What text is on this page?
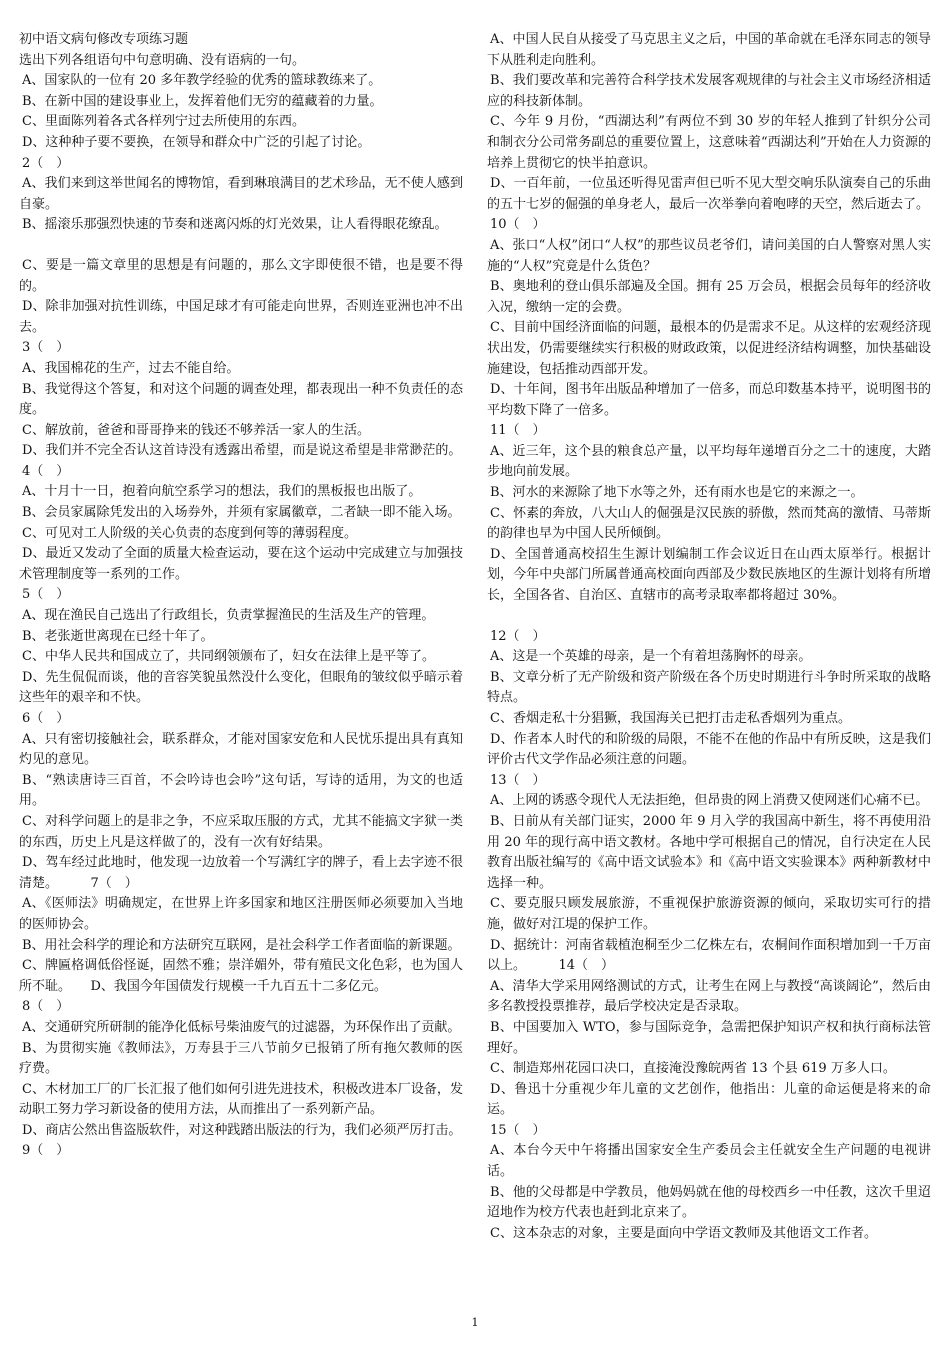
初中语文病句修改专项练习题

选出下列各组语句中句意明确、没有语病的一句。

A、国家队的一位有 20 多年教学经验的优秀的篮球教练来了。

B、在新中国的建设事业上，发挥着他们无穷的蕴藏着的力量。

C、里面陈列着各式各样列宁过去所使用的东西。

D、这种种子要不要换，在领导和群众中广泛的引起了讨论。

2（　）

A、我们来到这举世闻名的博物馆，看到琳琅满目的艺术珍品，无不使人感到自豪。

B、摇滚乐那强烈快速的节奏和迷离闪烁的灯光效果，让人看得眼花缭乱。

C、要是一篇文章里的思想是有问题的，那么文字即使很不错，也是要不得的。

D、除非加强对抗性训练，中国足球才有可能走向世界，否则连亚洲也冲不出去。

3（　）

A、我国棉花的生产，过去不能自给。

B、我觉得这个答复，和对这个问题的调查处理，都表现出一种不负责任的态度。

C、解放前，爸爸和哥哥挣来的钱还不够养活一家人的生活。

D、我们并不完全否认这首诗没有透露出希望，而是说这希望是非常渺茫的。

4（　）

A、十月十一日，抱着向航空系学习的想法，我们的黑板报也出版了。

B、会员家属除凭发出的入场券外，并须有家属徽章，二者缺一即不能入场。

C、可见对工人阶级的关心负责的态度到何等的薄弱程度。

D、最近又发动了全面的质量大检查运动，要在这个运动中完成建立与加强技术管理制度等一系列的工作。

5（　）

A、现在渔民自己选出了行政组长，负责掌握渔民的生活及生产的管理。

B、老张逝世离现在已经十年了。

C、中华人民共和国成立了，共同纲领颁布了，妇女在法律上是平等了。

D、先生侃侃而谈，他的音容笑貌虽然没什么变化，但眼角的皱纹似乎暗示着这些年的艰辛和不快。

6（　）

A、只有密切接触社会，联系群众，才能对国家安危和人民忧乐提出具有真知灼见的意见。

B、“熟读唐诗三百首，不会吟诗也会吟”这句话，写诗的适用，为文的也适用。

C、对科学问题上的是非之争，不应采取压服的方式，尤其不能搞文字狱一类的东西，历史上凡是这样做了的，没有一次有好结果。

D、驾车经过此地时，他发现一边放着一个写满红字的牌子，看上去字迹不很清楚。　　　7（　）

A、《医师法》明确规定，在世界上许多国家和地区注册医师必须要加入当地的医师协会。

B、用社会科学的理论和方法研究互联网，是社会科学工作者面临的新课题。

C、牌匾格调低俗怪诞，固然不雅；崇洋媚外，带有殖民文化色彩，也为国人所不耻。　　D、我国今年国债发行规模一千九百五十二多亿元。

8（　）

A、交通研究所研制的能净化低标号柴油废气的过滤器，为环保作出了贡献。

B、为贯彻实施《教师法》，万寿县于三八节前夕已报销了所有拖欠教师的医疗费。

C、木材加工厂的厂长汇报了他们如何引进先进技术，积极改进本厂设备，发动职工努力学习新设备的使用方法，从而推出了一系列新产品。

D、商店公然出售盗版软件，对这种践踏出版法的行为，我们必须严厉打击。

9（　）

A、中国人民自从接受了马克思主义之后，中国的革命就在毛泽东同志的领导下从胜利走向胜利。

B、我们要改革和完善符合科学技术发展客观规律的与社会主义市场经济相适应的科技新体制。

C、今年 9 月份，“西湖达利”有两位不到 30 岁的年轻人推到了针织分公司和制衣分公司常务副总的重要位置上，这意味着“西湖达利”开始在人力资源的培养上贯彻它的快半拍意识。

D、一百年前，一位虽还听得见雷声但已听不见大型交响乐队演奏自己的乐曲的五十七岁的倔强的单身老人，最后一次举拳向着咆哮的天空，然后逝去了。

10（　）

A、张口“人权”闭口“人权”的那些议员老爷们，请问美国的白人警察对黑人实施的“人权”究竟是什么货色？

B、奥地利的登山俱乐部遍及全国。拥有 25 万会员，根据会员每年的经济收入况，缴纳一定的会费。

C、目前中国经济面临的问题，最根本的仍是需求不足。从这样的宏观经济现状出发，仍需要继续实行积极的财政政策，以促进经济结构调整，加快基础设施建设，包括推动西部开发。

D、十年间，图书年出版品种增加了一倍多，而总印数基本持平，说明图书的平均数下降了一倍多。

11（　）

A、近三年，这个县的粮食总产量，以平均每年递增百分之二十的速度，大踏步地向前发展。

B、河水的来源除了地下水等之外，还有雨水也是它的来源之一。

C、怀素的奔放，八大山人的倔强是汉民族的骄傲，然而梵高的激情、马蒂斯的韵律也早为中国人民所倾倒。

D、全国普通高校招生生源计划编制工作会议近日在山西太原举行。根据计划，今年中央部门所属普通高校面向西部及少数民族地区的生源计划将有所增长，全国各省、自治区、直辖市的高考录取率都将超过 30%。

12（　）

A、这是一个英雄的母亲，是一个有着坦荡胸怀的母亲。

B、文章分析了无产阶级和资产阶级在各个历史时期进行斗争时所采取的战略特点。

C、香烟走私十分猖獗，我国海关已把打击走私香烟列为重点。

D、作者本人时代的和阶级的局限，不能不在他的作品中有所反映，这是我们评价古代文学作品必须注意的问题。

13（　）

A、上网的诱惑令现代人无法拒绝，但昂贵的网上消费又使网迷们心痛不已。

B、日前从有关部门证实，2000 年 9 月入学的我国高中新生，将不再使用沿用 20 年的现行高中语文教材。各地中学可根据自己的情况，自行决定在人民教育出版社编写的《高中语文试验本》和《高中语文实验课本》两种新教材中选择一种。

C、要克服只顾发展旅游，不重视保护旅游资源的倾向，采取切实可行的措施，做好对江堤的保护工作。

D、据统计：河南省载植泡桐至少二亿株左右，农桐间作面积增加到一千万亩以上。　　　14（　）

A、清华大学采用网络测试的方式，让考生在网上与教授“高谈阔论”，然后由多名教授投票推荐，最后学校决定是否录取。

B、中国要加入 WTO，参与国际竞争，急需把保护知识产权和执行商标法管理好。

C、制造郑州花园口决口，直接淹没豫皖两省 13 个县 619 万多人口。

D、鲁迅十分重视少年儿童的文艺创作，他指出：儿童的命运便是将来的命运。

15（　）

A、本台今天中午将播出国家安全生产委员会主任就安全生产问题的电视讲话。

B、他的父母都是中学教员，他妈妈就在他的母校西乡一中任教，这次千里迢迢地作为校方代表也赶到北京来了。

C、这本杂志的对象，主要是面向中学语文教师及其他语文工作者。

1
